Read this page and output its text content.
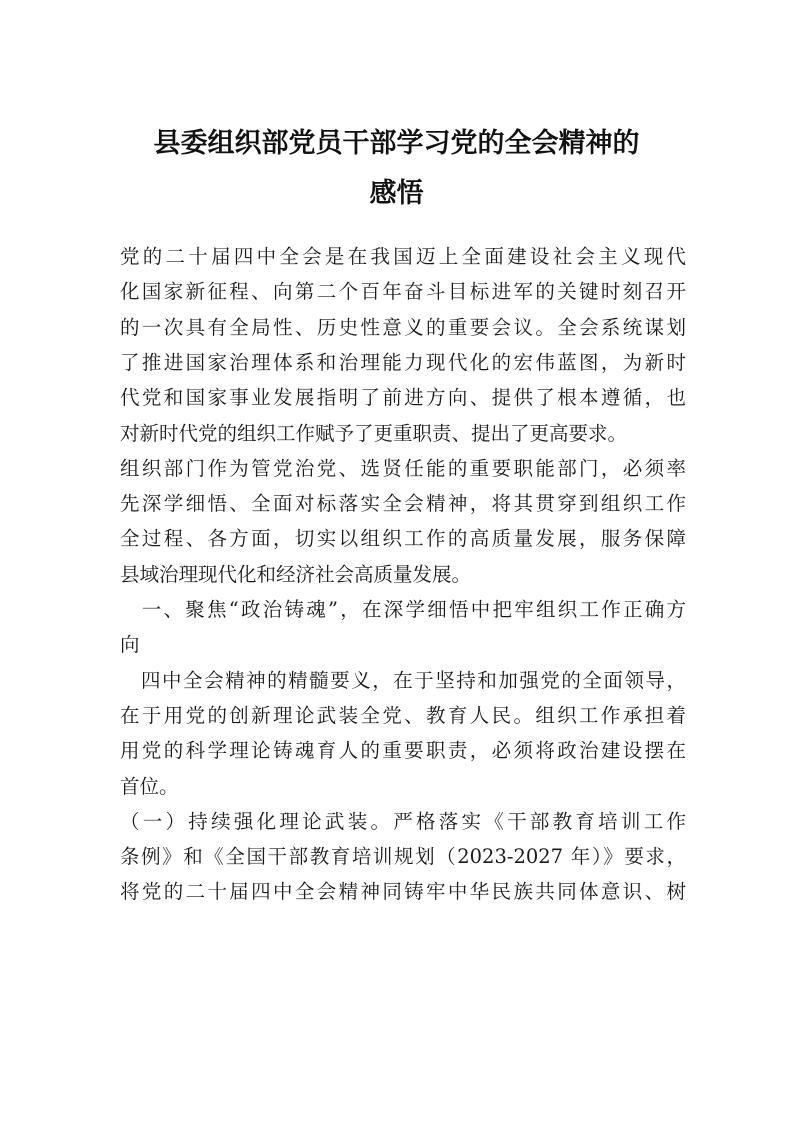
县委组织部党员干部学习党的全会精神的
感悟

党的二十届四中全会是在我国迈上全面建设社会主义现代

化国家新征程、向第二个百年奋斗目标进军的关键时刻召开

的一次具有全局性、历史性意义的重要会议。全会系统谋划

了推进国家治理体系和治理能力现代化的宏伟蓝图，为新时

代党和国家事业发展指明了前进方向、提供了根本遵循，也

对新时代党的组织工作赋予了更重职责、提出了更高要求。

组织部门作为管党治党、选贤任能的重要职能部门，必须率

先深学细悟、全面对标落实全会精神，将其贯穿到组织工作

全过程、各方面，切实以组织工作的高质量发展，服务保障

县域治理现代化和经济社会高质量发展。

　一、聚焦“政治铸魂”，在深学细悟中把牢组织工作正确方

向

　四中全会精神的精髓要义，在于坚持和加强党的全面领导，

在于用党的创新理论武装全党、教育人民。组织工作承担着

用党的科学理论铸魂育人的重要职责，必须将政治建设摆在

首位。

（一）持续强化理论武装。严格落实《干部教育培训工作

条例》和《全国干部教育培训规划（2023-2027 年）》要求，

将党的二十届四中全会精神同铸牢中华民族共同体意识、树
